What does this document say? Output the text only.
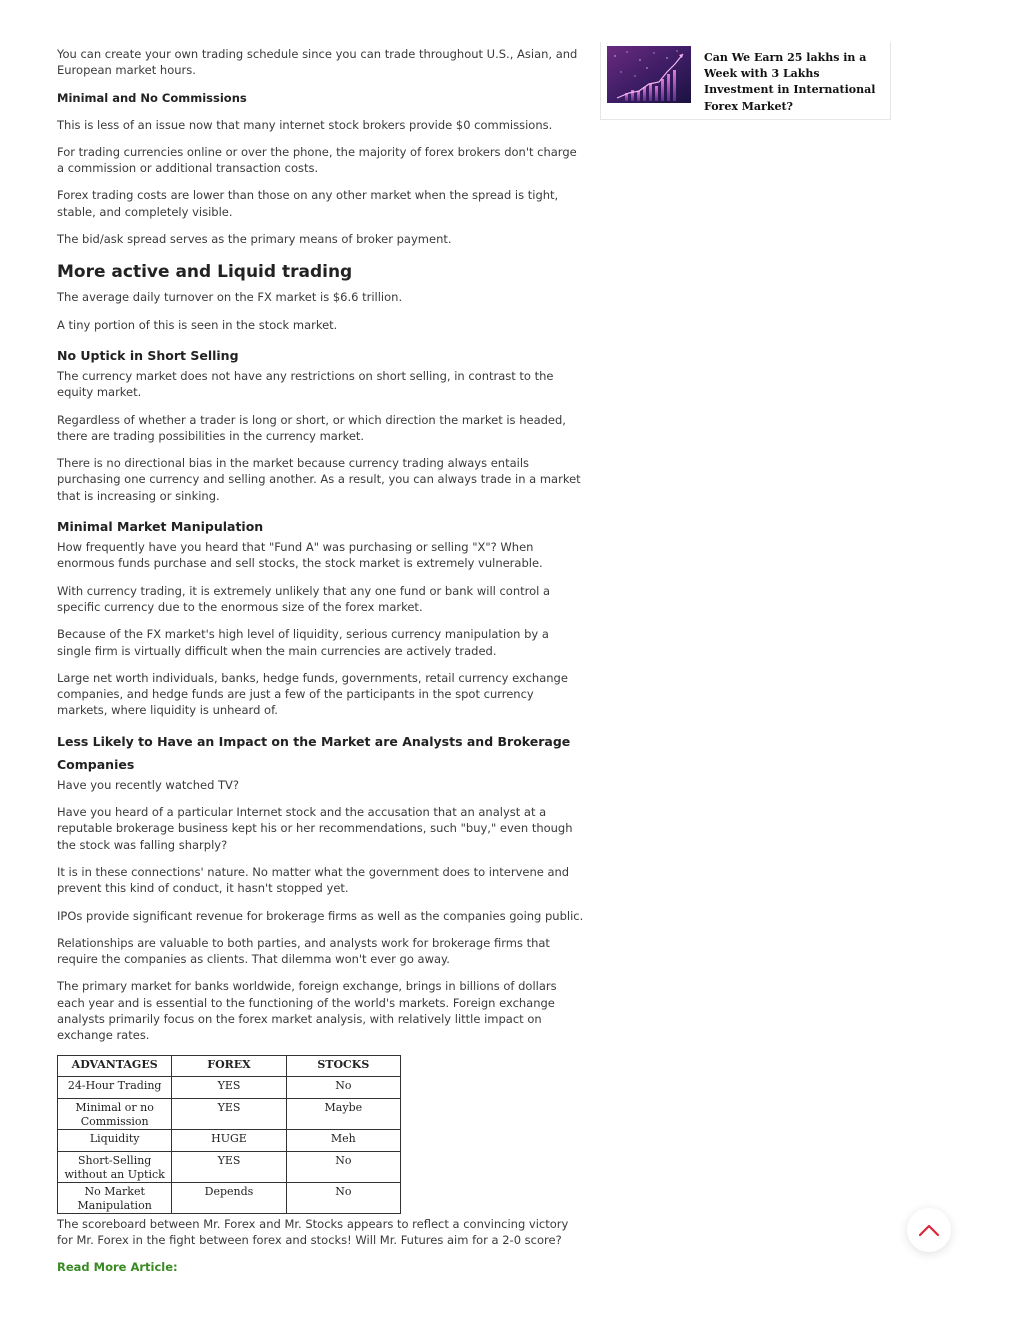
You can create your own trading schedule since you can trade throughout U.S., Asian, and European market hours.

Minimal and No Commissions

This is less of an issue now that many internet stock brokers provide $0 commissions.

For trading currencies online or over the phone, the majority of forex brokers don't charge a commission or additional transaction costs.

Forex trading costs are lower than those on any other market when the spread is tight, stable, and completely visible.

The bid/ask spread serves as the primary means of broker payment.

More active and Liquid trading

The average daily turnover on the FX market is $6.6 trillion.

A tiny portion of this is seen in the stock market.

No Uptick in Short Selling

The currency market does not have any restrictions on short selling, in contrast to the equity market.

Regardless of whether a trader is long or short, or which direction the market is headed, there are trading possibilities in the currency market.

There is no directional bias in the market because currency trading always entails purchasing one currency and selling another. As a result, you can always trade in a market that is increasing or sinking.

Minimal Market Manipulation

How frequently have you heard that "Fund A" was purchasing or selling "X"? When enormous funds purchase and sell stocks, the stock market is extremely vulnerable.

With currency trading, it is extremely unlikely that any one fund or bank will control a specific currency due to the enormous size of the forex market.

Because of the FX market's high level of liquidity, serious currency manipulation by a single firm is virtually difficult when the main currencies are actively traded.

Large net worth individuals, banks, hedge funds, governments, retail currency exchange companies, and hedge funds are just a few of the participants in the spot currency markets, where liquidity is unheard of.

Less Likely to Have an Impact on the Market are Analysts and Brokerage Companies

Have you recently watched TV?

Have you heard of a particular Internet stock and the accusation that an analyst at a reputable brokerage business kept his or her recommendations, such "buy," even though the stock was falling sharply?

It is in these connections' nature. No matter what the government does to intervene and prevent this kind of conduct, it hasn't stopped yet.

IPOs provide significant revenue for brokerage firms as well as the companies going public.

Relationships are valuable to both parties, and analysts work for brokerage firms that require the companies as clients. That dilemma won't ever go away.

The primary market for banks worldwide, foreign exchange, brings in billions of dollars each year and is essential to the functioning of the world's markets. Foreign exchange analysts primarily focus on the forex market analysis, with relatively little impact on exchange rates.

ADVANTAGES	FOREX	STOCKS
24-Hour Trading	YES	No
Minimal or no Commission	YES	Maybe
Liquidity	HUGE	Meh
Short-Selling without an Uptick	YES	No
No Market Manipulation	Depends	No

The scoreboard between Mr. Forex and Mr. Stocks appears to reflect a convincing victory for Mr. Forex in the fight between forex and stocks! Will Mr. Futures aim for a 2-0 score?

Read More Article:

Can We Earn 25 lakhs in a Week with 3 Lakhs Investment in International Forex Market?
